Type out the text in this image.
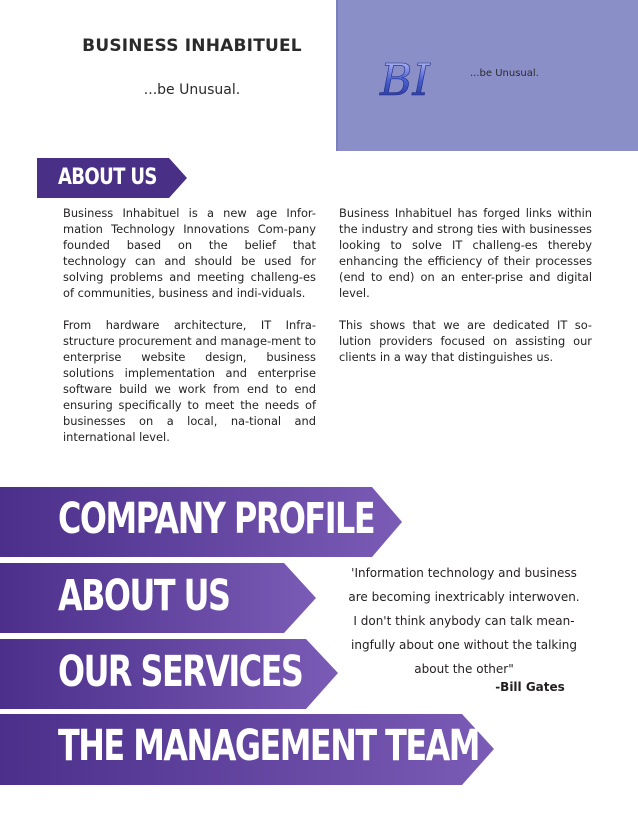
BUSINESS INHABITUEL
...be Unusual.	BI	...be Unusual.
ABOUT US

Business Inhabituel is a new age Infor-mation Technology Innovations Com-pany founded based on the belief that technology can and should be used for solving problems and meeting challeng-es of communities, business and indi-viduals.

From hardware architecture, IT Infra-structure procurement and manage-ment to enterprise website design, business solutions implementation and enterprise software build we work from end to end ensuring specifically to meet the needs of businesses on a local, na-tional and international level.

Business Inhabituel has forged links within the industry and strong ties with businesses looking to solve IT challeng-es thereby enhancing the efficiency of their processes (end to end) on an enter-prise and digital level.

This shows that we are dedicated IT so-lution providers focused on assisting our clients in a way that distinguishes us.

COMPANY PROFILE
ABOUT US
OUR SERVICES
THE MANAGEMENT TEAM
'Information technology and business
are becoming inextricably interwoven.
I don't think anybody can talk mean-
ingfully about one without the talking
about the other"
-Bill Gates
